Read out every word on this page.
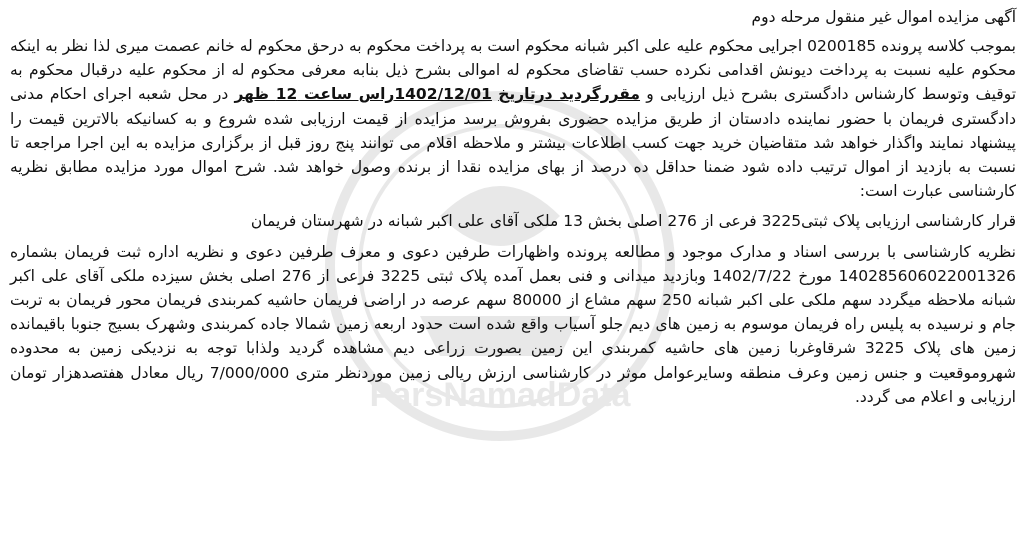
ParsNamadData
آگهی مزایده اموال غیر منقول مرحله دوم

بموجب کلاسه پرونده 0200185 اجرایی محکوم علیه علی اکبر شبانه محکوم است به پرداخت محکوم به درحق محکوم له خانم عصمت میری لذا نظر به اینکه محکوم علیه نسبت به پرداخت دیونش اقدامی نکرده حسب تقاضای محکوم له اموالی بشرح ذیل بنابه معرفی محکوم له از محکوم علیه درقبال محکوم به توقیف وتوسط کارشناس دادگستری بشرح ذیل ارزیابی و مقررگردید درتاریخ 1402/12/01راس ساعت 12 ظهر در محل شعبه اجرای احکام مدنی دادگستری فریمان با حضور نماینده دادستان از طریق مزایده حضوری بفروش برسد مزایده از قیمت ارزیابی شده شروع و به کسانیکه بالاترین قیمت را پیشنهاد نمایند واگذار خواهد شد متقاضیان خرید جهت کسب اطلاعات بیشتر و ملاحظه اقلام می توانند پنج روز قبل از برگزاری مزایده به این اجرا مراجعه تا نسبت به بازدید از اموال ترتیب داده شود ضمنا حداقل ده درصد از بهای مزایده نقدا از برنده وصول خواهد شد. شرح اموال مورد مزایده مطابق نظریه کارشناسی عبارت است:

قرار کارشناسی ارزیابی پلاک ثبتی3225 فرعی از 276 اصلی بخش 13 ملکی آقای علی اکبر شبانه در شهرستان فریمان

نظریه کارشناسی با بررسی اسناد و مدارک موجود و مطالعه پرونده واظهارات طرفین دعوی و معرف طرفین دعوی و نظریه اداره ثبت فریمان بشماره 140285606022001326 مورخ 1402/7/22 وبازدید میدانی و فنی بعمل آمده پلاک ثبتی 3225 فرعی از 276 اصلی بخش سیزده ملکی آقای علی اکبر شبانه ملاحظه میگردد سهم ملکی علی اکبر شبانه 250 سهم مشاع از 80000 سهم عرصه در اراضی فریمان حاشیه کمربندی فریمان محور فریمان به تربت جام و نرسیده به پلیس راه فریمان موسوم به زمین های دیم جلو آسیاب واقع شده است حدود اربعه زمین شمالا جاده کمربندی وشهرک بسیج جنوبا باقیمانده زمین های پلاک 3225 شرقاوغربا زمین های حاشیه کمربندی این زمین بصورت زراعی دیم مشاهده گردید ولذابا توجه به نزدیکی زمین به محدوده شهروموقعیت و جنس زمین وعرف منطقه وسایرعوامل موثر در کارشناسی ارزش ریالی زمین موردنظر متری 7/000/000 ریال معادل هفتصدهزار تومان ارزیابی و اعلام می گردد.
